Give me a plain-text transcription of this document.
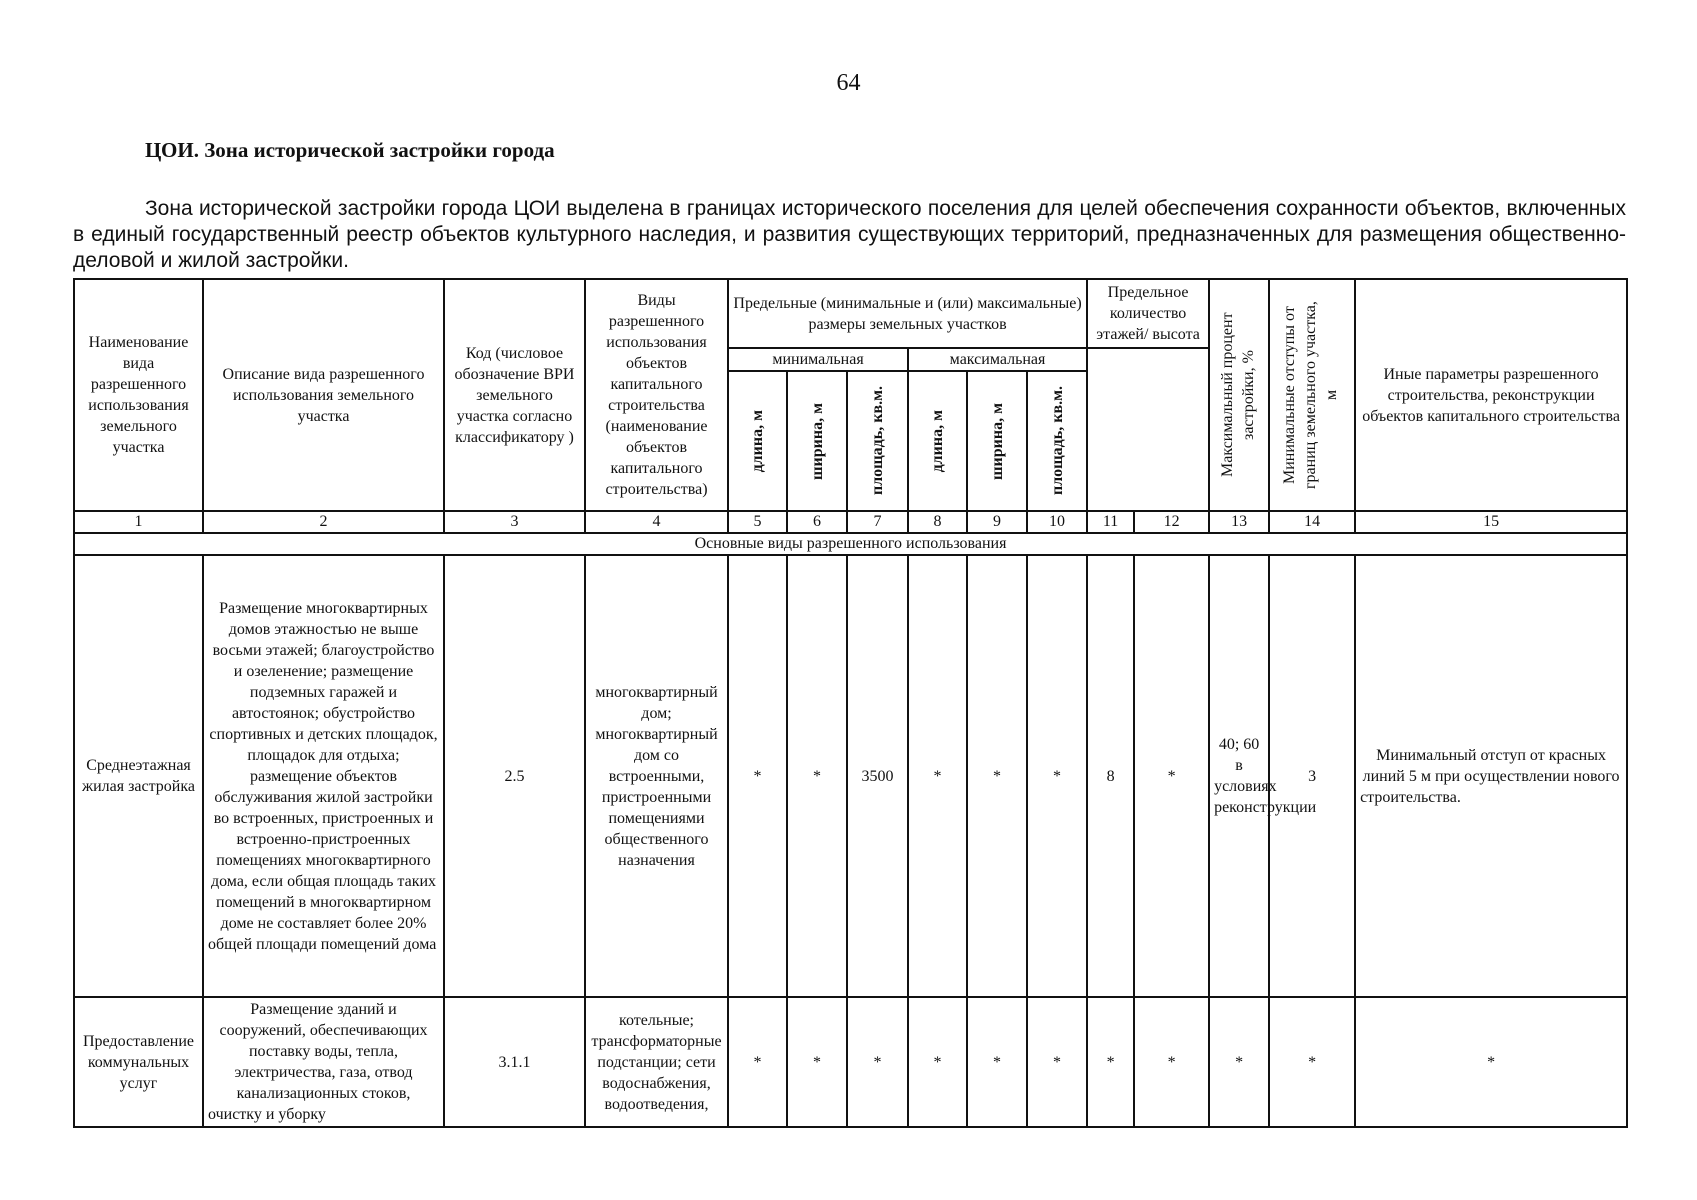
64
ЦОИ. Зона исторической застройки города
Зона исторической застройки города ЦОИ выделена в границах исторического поселения для целей обеспечения сохранности объектов, включенных в единый государственный реестр объектов культурного наследия, и развития существующих территорий, предназначенных для размещения общественно-деловой и жилой застройки.
Наименование вида разрешенного использования земельного участка	Описание вида разрешенного использования земельного участка	Код (числовое обозначение ВРИ земельного участка согласно классификатору )	Виды разрешенного использования объектов капитального строительства (наименование объектов капитального строительства)	Предельные (минимальные и (или) максимальные) размеры земельных участков						Предельное количество этажей/ высота		Максимальный процент застройки, %	Минимальные отступы от границ земельного участка, м	Иные параметры разрешенного строительства, реконструкции объектов капитального строительства
				минимальная			максимальная							

				длина, м	ширина, м	площадь, кв.м.	длина, м	ширина, м	площадь, кв.м.					

1	2	3	4	5	6	7	8	9	10	11	12	13	14	15
Основные виды разрешенного использования														
Среднеэтажная жилая застройка	Размещение многоквартирных домов этажностью не выше восьми этажей; благоустройство и озеленение; размещение подземных гаражей и автостоянок; обустройство спортивных и детских площадок, площадок для отдыха; размещение объектов обслуживания жилой застройки во встроенных, пристроенных и встроенно-пристроенных помещениях многоквартирного дома, если общая площадь таких помещений в многоквартирном доме не составляет более 20% общей площади помещений дома	2.5	многоквартирный дом; многоквартирный дом со встроенными, пристроенными помещениями общественного назначения	*	*	3500	*	*	*	8	*	40; 60 в условиях реконструкции	3	Минимальный отступ от красных линий 5 м при осуществлении нового строительства.
Предоставление коммунальных услуг	Размещение зданий и сооружений, обеспечивающих поставку воды, тепла, электричества, газа, отвод канализационных стоков, очистку и уборку	3.1.1	котельные; трансформаторные подстанции; сети водоснабжения, водоотведения,	*	*	*	*	*	*	*	*	*	*	*
